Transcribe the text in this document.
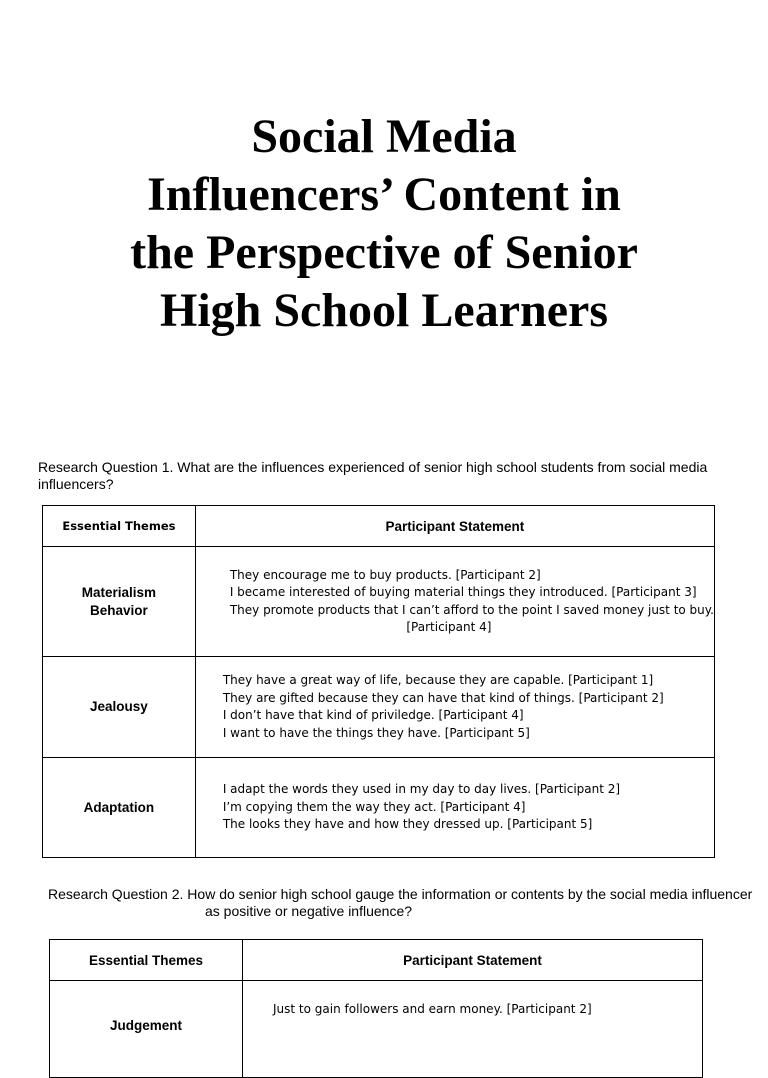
Social Media
Influencers’ Content in
the Perspective of Senior
High School Learners
Research Question 1. What are the influences experienced of senior high school students from social media
influencers?
Essential Themes	Participant Statement
Materialism
Behavior	They encourage me to buy products. [Participant 2]
I became interested of buying material things they introduced. [Participant 3]
They promote products that I can’t afford to the point I saved money just to buy.
[Participant 4]

Jealousy	They have a great way of life, because they are capable. [Participant 1]
They are gifted because they can have that kind of things. [Participant 2]
I don’t have that kind of priviledge. [Participant 4]
I want to have the things they have. [Participant 5]

Adaptation	I adapt the words they used in my day to day lives. [Participant 2]
I’m copying them the way they act. [Participant 4]
The looks they have and how they dressed up. [Participant 5]
Research Question 2. How do senior high school gauge the information or contents by the social media influencer
as positive or negative influence?
Essential Themes	Participant Statement
Judgement	Just to gain followers and earn money. [Participant 2]
